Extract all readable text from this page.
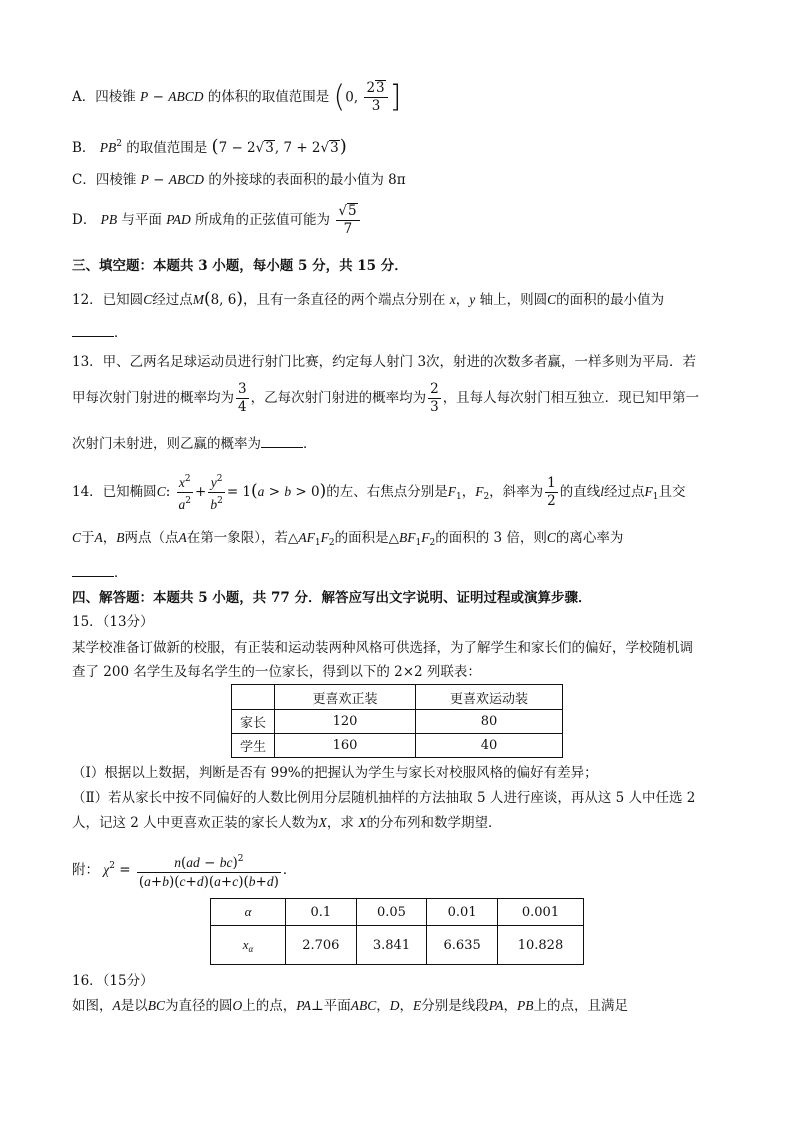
A．四棱锥 P − ABCD 的体积的取值范围是 (0, $\frac{23}{3}$ ]
B． $PB^2$ 的取值范围是 (7 − 2√3, 7 + 2√3)
C．四棱锥 P − ABCD 的外接球的表面积的最小值为 8π
D． PB 与平面 PAD 所成角的正弦值可能为 $\frac{√5}{7}$
三、填空题：本题共 3 小题，每小题 5 分，共 15 分．
12．已知圆C经过点M(8, 6)，且有一条直径的两个端点分别在 x，y 轴上，则圆C的面积的最小值为
．
13．甲、乙两名足球运动员进行射门比赛，约定每人射门 3次，射进的次数多者赢，一样多则为平局．若
甲每次射门射进的概率均为 $\frac{3}{4}$ ，乙每次射门射进的概率均为 $\frac{2}{3}$ ，且每人每次射门相互独立．现已知甲第一
次射门未射进，则乙赢的概率为	．
14．已知椭圆C: $\frac{x^2}{a^2} + \frac{y^2}{b^2} = 1(a > b > 0)$的左、右焦点分别是$F_1$，$F_2$，斜率为 $\frac{1}{2}$ 的直线l经过点$F_1$且交
C于A，B两点（点A在第一象限），若$\triangle AF_1F_2$的面积是$\triangle BF_1F_2$的面积的 3 倍，则C的离心率为
．
四、解答题：本题共 5 小题，共 77 分．解答应写出文字说明、证明过程或演算步骤．
15．（13分）
某学校准备订做新的校服，有正装和运动装两种风格可供选择，为了解学生和家长们的偏好，学校随机调
查了 200 名学生及每名学生的一位家长，得到以下的 2×2 列联表：
	更喜欢正装	更喜欢运动装
家长	120	80
学生	160	40
（Ⅰ）根据以上数据，判断是否有 99%的把握认为学生与家长对校服风格的偏好有差异；
（Ⅱ）若从家长中按不同偏好的人数比例用分层随机抽样的方法抽取 5 人进行座谈，再从这 5 人中任选 2
人，记这 2 人中更喜欢正装的家长人数为X，求 X的分布列和数学期望．
附： $\chi^2 = \frac{n(ad - bc)^2}{(a+b)(c+d)(a+c)(b+d)}$ ．
α	0.1	0.05	0.01	0.001
$x_\alpha$	2.706	3.841	6.635	10.828
16．（15分）
如图，A是以BC为直径的圆O上的点，PA⊥平面ABC，D，E分别是线段PA，PB上的点，且满足
